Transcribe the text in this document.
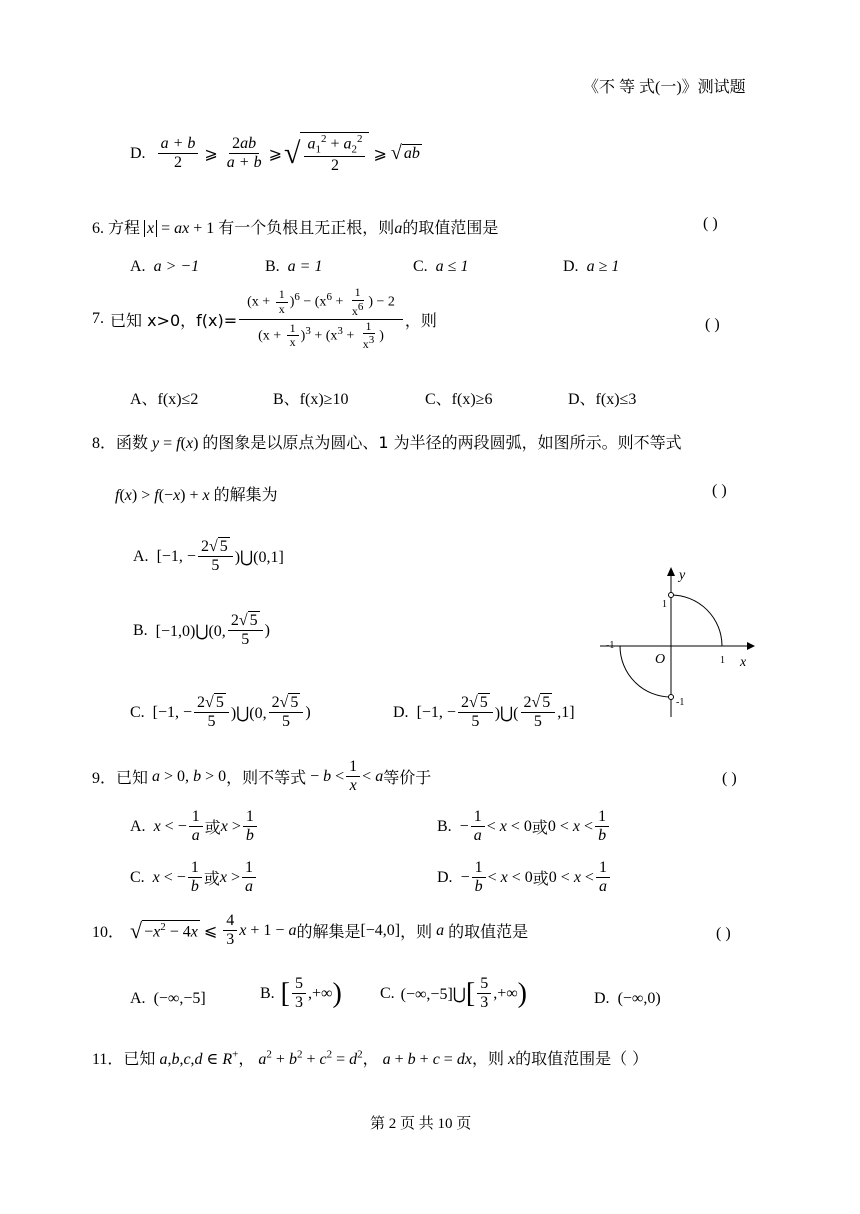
《不 等 式(一)》测试题
D. $\frac{a + b}{2}$ ⩾ $\frac{2ab}{a + b}$ ⩾ √ $\frac{a_1^2 + a_2^2}{2}$ ⩾ √ ab
6. 方程 x = ax + 1 有一个负根且无正根，则a的取值范围是	( )
A. a > −1	B. a = 1	C. a ≤ 1	D. a ≥ 1
7. 已知 x>0，$f(x)= \frac{(x + \frac{1}{x} )^6 - (x^6 + \frac{1}{x6} ) - 2}{(x + \frac{1}{x} )^3 + (x^3 + \frac{1}{x3} )}$ ，则	( )
A、f(x)≤2	B、f(x)≥10	C、f(x)≥6	D、f(x)≤3
8．函数 y = f(x) 的图象是以原点为圆心、1 为半径的两段圆弧，如图所示。则不等式
f(x) > f(−x) + x 的解集为	( )
A. [−1, − $\frac{2√ 5}{5}$ )⋃(0,1]
B. [−1,0)⋃(0, $\frac{2√ 5}{5}$ )
C. [−1, − $\frac{2√ 5}{5}$ )⋃(0, $\frac{2√ 5}{5}$ )	D. [−1, − $\frac{2√ 5}{5}$ )⋃( $\frac{2√ 5}{5} ,1$]
y
x
O
1
1
-1
-1
9． 已知 a > 0, b > 0 ，则不等式 − $b < \frac{1}{x} < a$ 等价于	( )
A. x < − $\frac{1}{a}$ 或 $x > \frac{1}{b}$	B. − $\frac{1}{a} < x < 0$ 或 $0 < x < \frac{1}{b}$
C. x < − $\frac{1}{b}$ 或 $x > \frac{1}{a}$	D. − $\frac{1}{b} < x < 0$ 或 $0 < x < \frac{1}{a}$
10． √ $-x^2 - 4x$ ⩽ $\frac{4}{3}$ x + 1 − a 的解集是 [−4,0] ，则 a 的取值范是	( )
A.  (−∞,−5]	B. [ $\frac{5}{3}$ ,+∞ ) C. (−∞,−5]⋃ [ $\frac{5}{3}$ ,+∞ )	D.  (−∞,0)
11．已知 a,b,c,d ∈ R+， $a^2 + b^2 + c^2 = d^2$， a + b + c = dx，则 x的取值范围是（ ）
第 2 页 共 10 页
